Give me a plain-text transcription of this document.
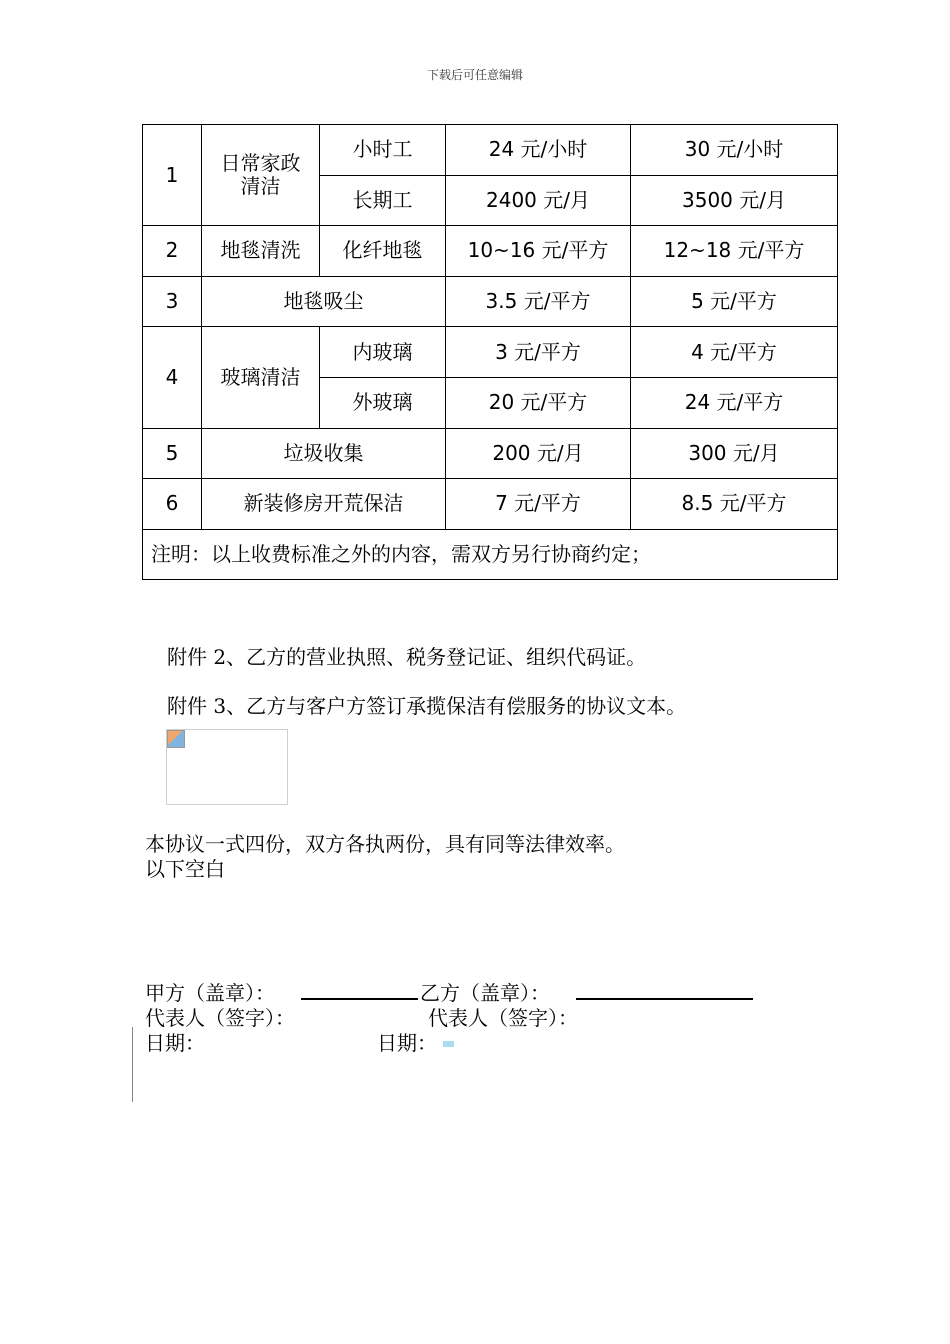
下载后可任意编辑
1	日常家政清洁	小时工	24 元/小时	30 元/小时
		长期工	2400 元/月	3500 元/月
2	地毯清洗	化纤地毯	10~16 元/平方	12~18 元/平方
3	地毯吸尘		3.5 元/平方	5 元/平方
4	玻璃清洁	内玻璃	3 元/平方	4 元/平方
		外玻璃	20 元/平方	24 元/平方
5	垃圾收集		200 元/月	300 元/月
6	新装修房开荒保洁		7 元/平方	8.5 元/平方
注明：以上收费标准之外的内容，需双方另行协商约定；				
附件 2、乙方的营业执照、税务登记证、组织代码证。
附件 3、乙方与客户方签订承揽保洁有偿服务的协议文本。
本协议一式四份，双方各执两份，具有同等法律效率。
以下空白
甲方（盖章）：	乙方（盖章）：
代表人（签字）：	代表人（签字）：
日期：	日期：
